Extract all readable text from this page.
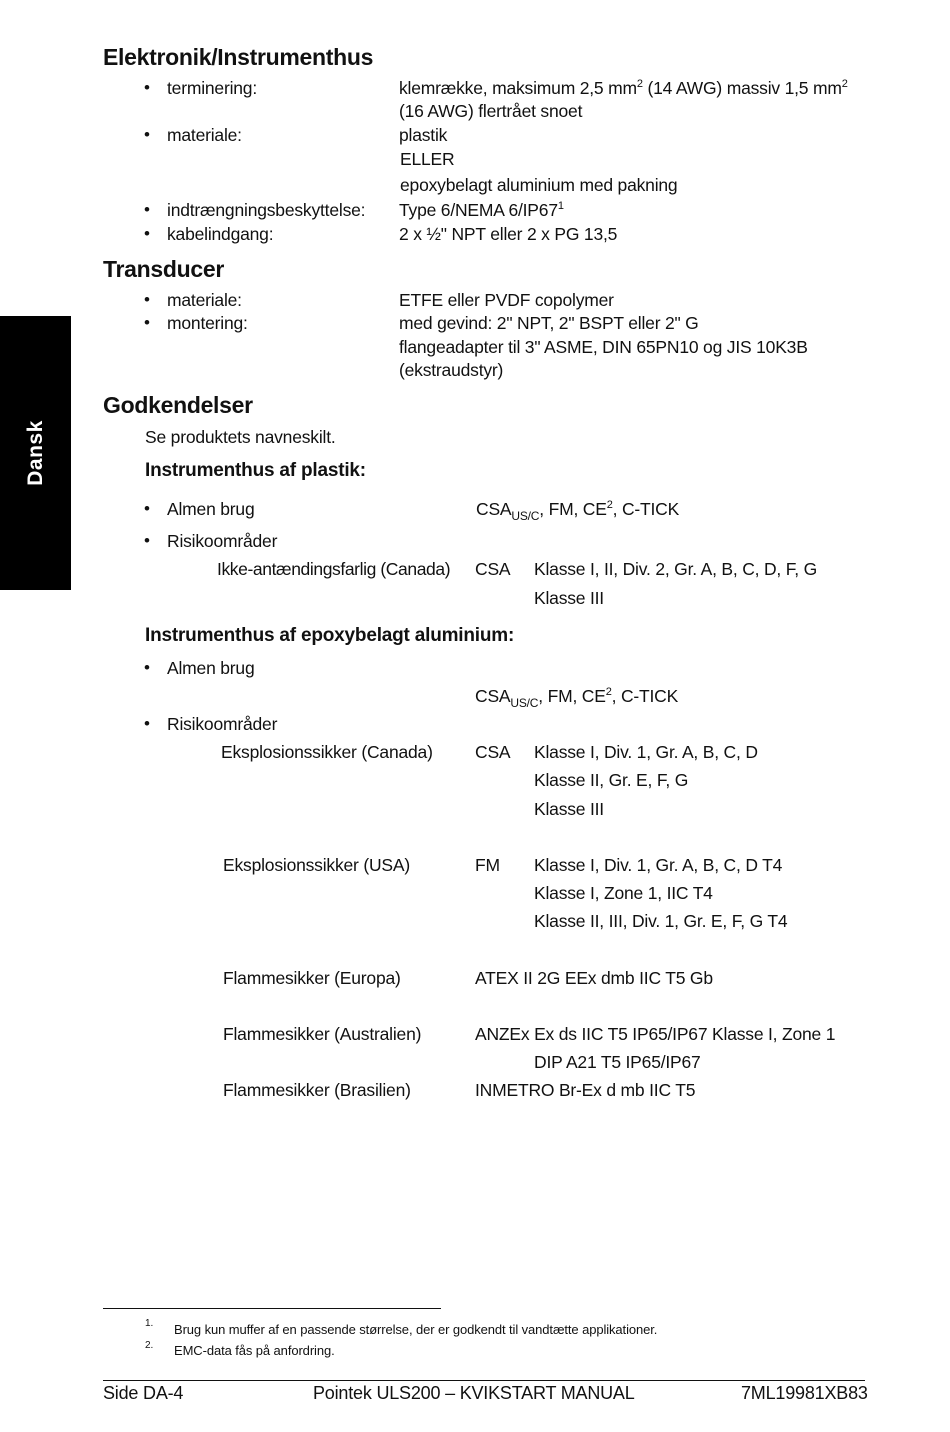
Dansk
Elektronik/Instrumenthus
• terminering:	klemrække, maksimum 2,5 $mm^2$ (14 AWG) massiv 1,5 $mm^2$
(16 AWG) flertrået snoet
• materiale:	plastik
ELLER
epoxybelagt aluminium med pakning
• indtrængningsbeskyttelse: Type 6/NEMA $6/IP67^1$
• kabelindgang:	2 x ½" NPT eller 2 x PG 13,5
Transducer
• materiale:	ETFE eller PVDF copolymer
• montering:	med gevind: 2" NPT, 2" BSPT eller 2" G
flangeadapter til 3" ASME, DIN 65PN10 og JIS 10K3B
(ekstraudstyr)
Godkendelser
Se produktets navneskilt.
Instrumenthus af plastik:
• Almen brug	$CSA_{US/C}$, FM, $CE^2$, C-TICK
• Risikoområder
Ikke-antændingsfarlig (Canada) CSA Klasse I, II, Div. 2, Gr. A, B, C, D, F, G
Klasse III
Instrumenthus af epoxybelagt aluminium:
• Almen brug
$CSA_{US/C}$, FM, $CE^2$, C-TICK
• Risikoområder
Eksplosionssikker (Canada) CSA Klasse I, Div. 1, Gr. A, B, C, D
Klasse II, Gr. E, F, G
Klasse III
Eksplosionssikker (USA)	FM Klasse I, Div. 1, Gr. A, B, C, D T4
Klasse I, Zone 1, IIC T4
Klasse II, III, Div. 1, Gr. E, F, G T4
Flammesikker (Europa)	ATEX II 2G EEx dmb IIC T5 Gb
Flammesikker (Australien)	ANZEx Ex ds IIC T5 IP65/IP67 Klasse I, Zone 1
DIP A21 T5 IP65/IP67
Flammesikker (Brasilien)	INMETRO Br-Ex d mb IIC T5
1. Brug kun muffer af en passende størrelse, der er godkendt til vandtætte applikationer.
2. EMC-data fås på anfordring.
Side DA-4	Pointek ULS200 – KVIKSTART MANUAL	7ML19981XB83
